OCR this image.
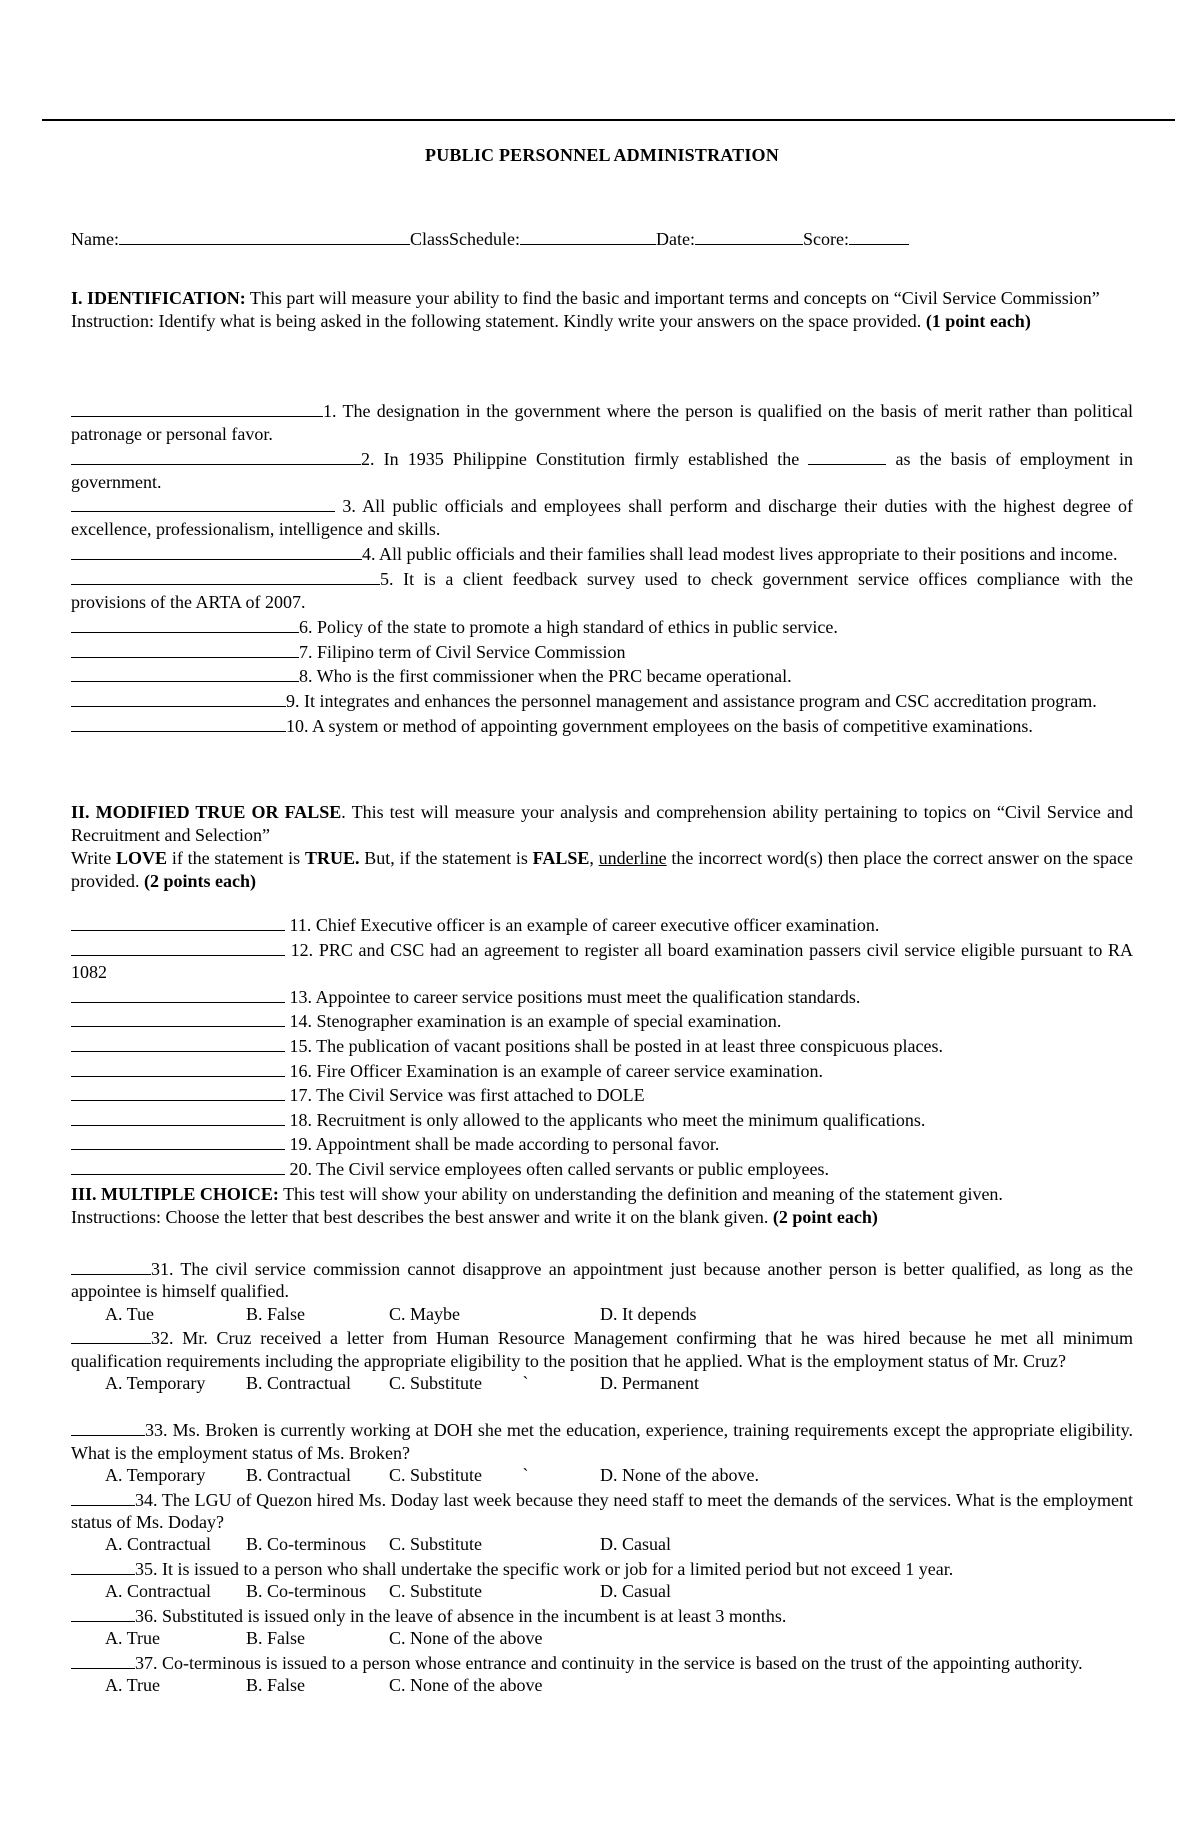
PUBLIC PERSONNEL ADMINISTRATION
Name:	ClassSchedule:	Date:	Score:

I. IDENTIFICATION: This part will measure your ability to find the basic and important terms and concepts on “Civil Service Commission”

Instruction: Identify what is being asked in the following statement. Kindly write your answers on the space provided. (1 point each)

1. The designation in the government where the person is qualified on the basis of merit rather than political patronage or personal favor.

2. In 1935 Philippine Constitution firmly established the	as the basis of employment in government.

3. All public officials and employees shall perform and discharge their duties with the highest degree of excellence, professionalism, intelligence and skills.

4. All public officials and their families shall lead modest lives appropriate to their positions and income.

5. It is a client feedback survey used to check government service offices compliance with the provisions of the ARTA of 2007.

6. Policy of the state to promote a high standard of ethics in public service.

7. Filipino term of Civil Service Commission

8. Who is the first commissioner when the PRC became operational.

9. It integrates and enhances the personnel management and assistance program and CSC accreditation program.

10. A system or method of appointing government employees on the basis of competitive examinations.

II. MODIFIED TRUE OR FALSE. This test will measure your analysis and comprehension ability pertaining to topics on “Civil Service and Recruitment and Selection”

Write LOVE if the statement is TRUE. But, if the statement is FALSE, underline the incorrect word(s) then place the correct answer on the space provided. (2 points each)

11. Chief Executive officer is an example of career executive officer examination.

12. PRC and CSC had an agreement to register all board examination passers civil service eligible pursuant to RA 1082

13. Appointee to career service positions must meet the qualification standards.

14. Stenographer examination is an example of special examination.

15. The publication of vacant positions shall be posted in at least three conspicuous places.

16. Fire Officer Examination is an example of career service examination.

17. The Civil Service was first attached to DOLE

18. Recruitment is only allowed to the applicants who meet the minimum qualifications.

19. Appointment shall be made according to personal favor.

20. The Civil service employees often called servants or public employees.

III. MULTIPLE CHOICE: This test will show your ability on understanding the definition and meaning of the statement given.

Instructions: Choose the letter that best describes the best answer and write it on the blank given. (2 point each)

31. The civil service commission cannot disapprove an appointment just because another person is better qualified, as long as the appointee is himself qualified.

A. Tue	B. False	C. Maybe	D. It depends

32. Mr. Cruz received a letter from Human Resource Management confirming that he was hired because he met all minimum qualification requirements including the appropriate eligibility to the position that he applied. What is the employment status of Mr. Cruz?

A. Temporary	B. Contractual	C. Substitute         `	D. Permanent

33. Ms. Broken is currently working at DOH she met the education, experience, training requirements except the appropriate eligibility. What is the employment status of Ms. Broken?

A. Temporary	B. Contractual	C. Substitute         `	D. None of the above.

34. The LGU of Quezon hired Ms. Doday last week because they need staff to meet the demands of the services. What is the employment status of Ms. Doday?

A. Contractual	B. Co-terminous	C. Substitute	D. Casual

35. It is issued to a person who shall undertake the specific work or job for a limited period but not exceed 1 year.

A. Contractual	B. Co-terminous	C. Substitute	D. Casual

36. Substituted is issued only in the leave of absence in the incumbent is at least 3 months.

A. True	B. False	C. None of the above

37. Co-terminous is issued to a person whose entrance and continuity in the service is based on the trust of the appointing authority.

A. True	B. False	C. None of the above
